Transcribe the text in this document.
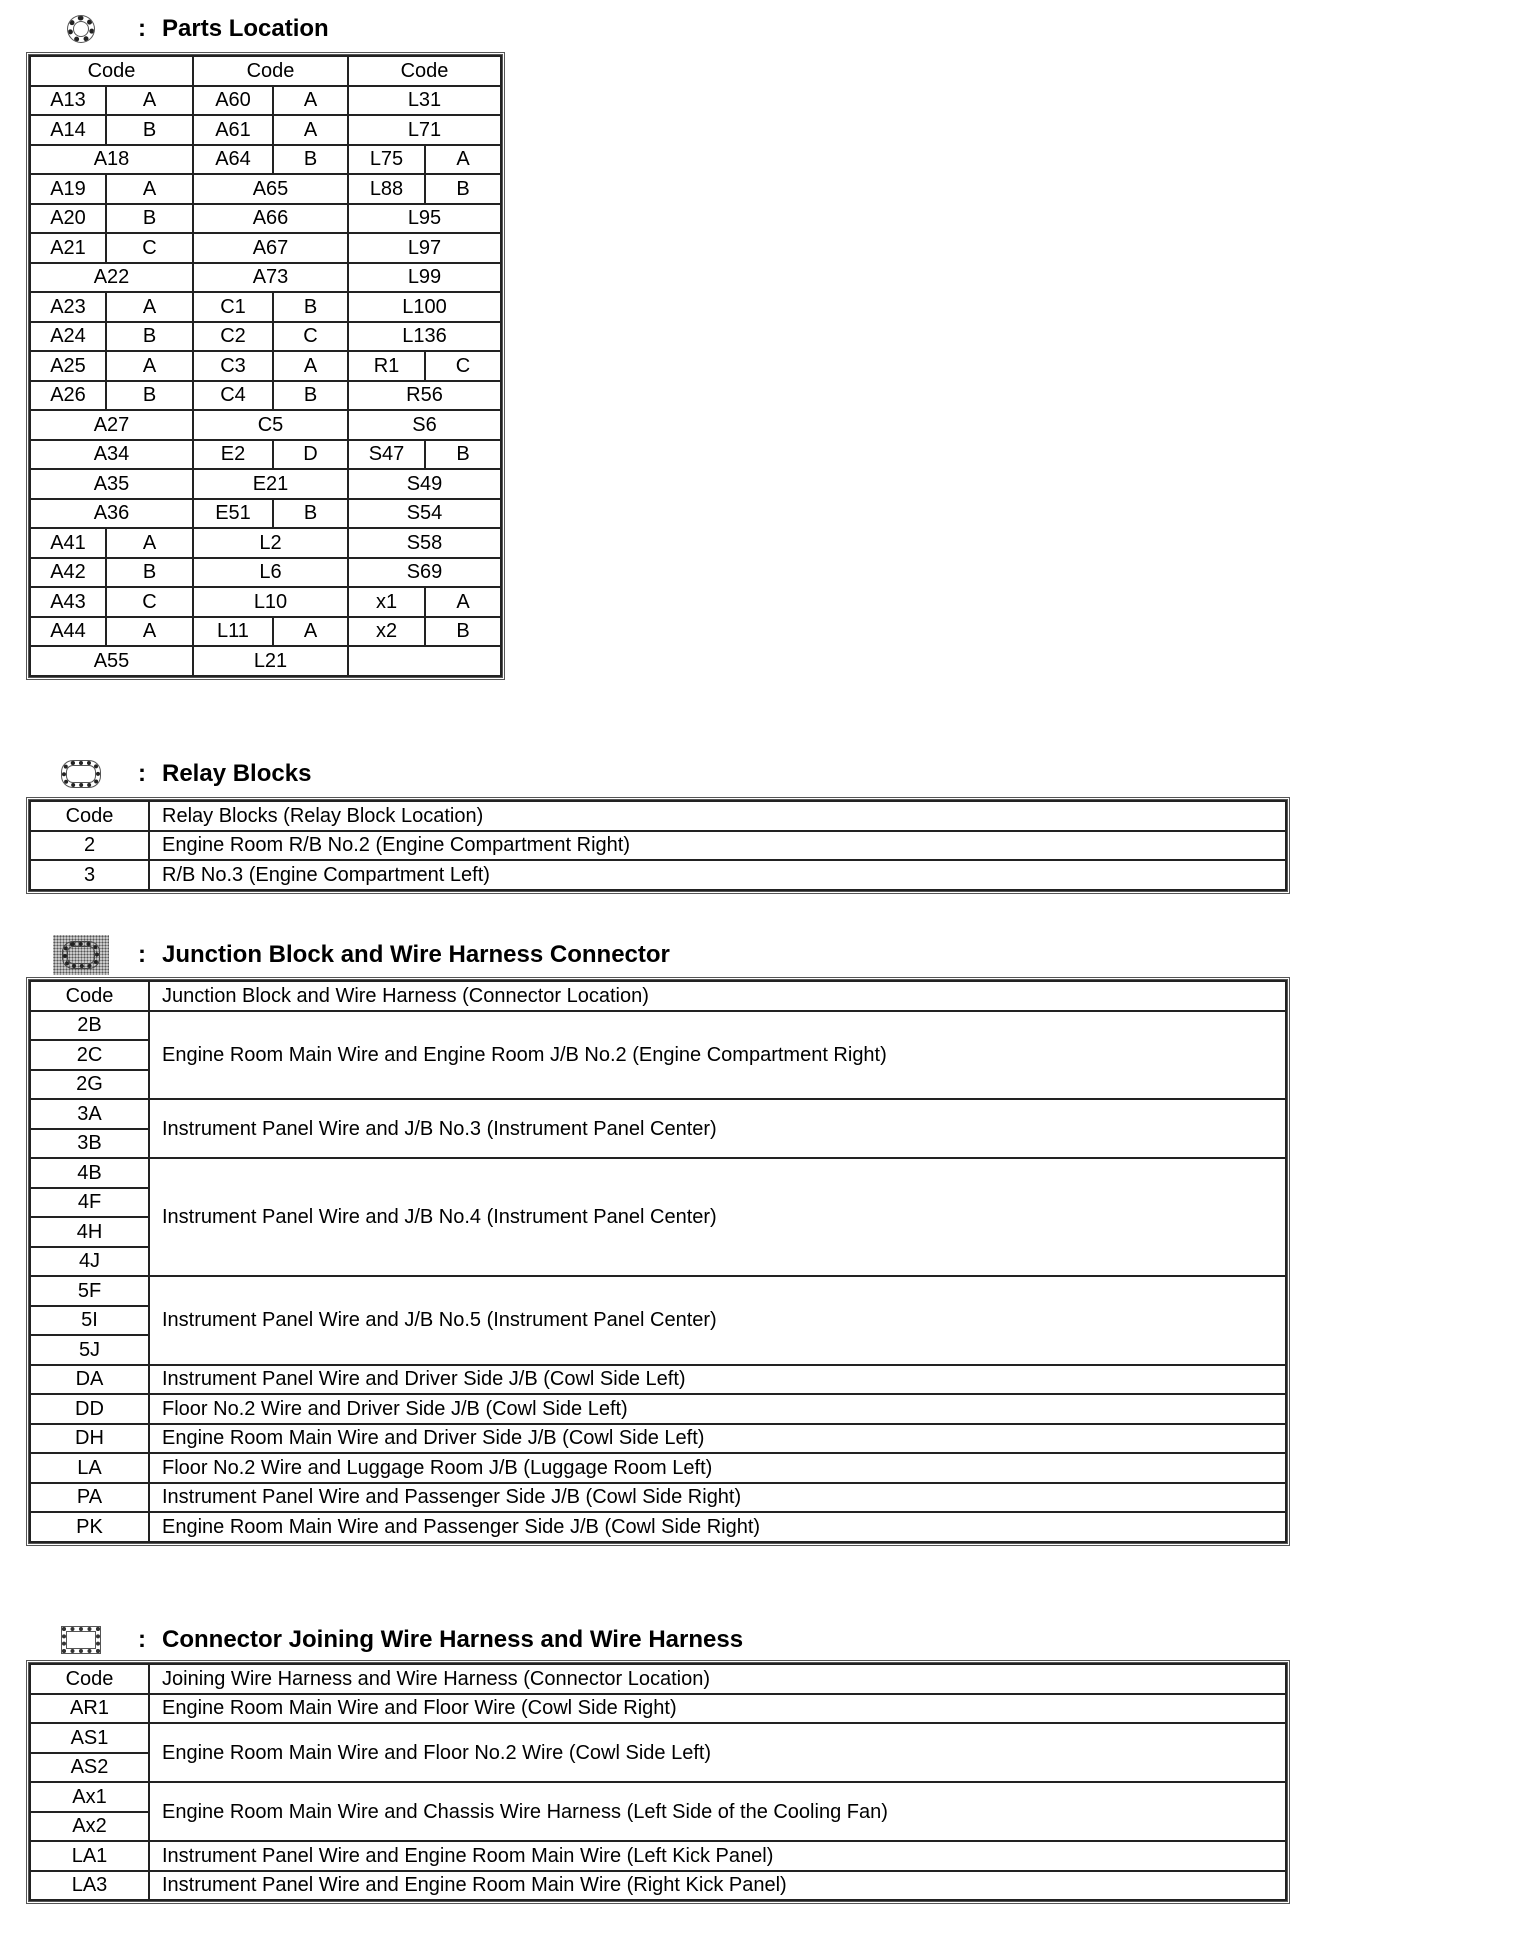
: Parts Location
Code		Code		Code	
A13	A	A60	A	L31	
A14	B	A61	A	L71	
A18		A64	B	L75	A
A19	A	A65		L88	B
A20	B	A66		L95	
A21	C	A67		L97	
A22		A73		L99	
A23	A	C1	B	L100	
A24	B	C2	C	L136	
A25	A	C3	A	R1	C
A26	B	C4	B	R56	
A27		C5		S6	
A34		E2	D	S47	B
A35		E21		S49	
A36		E51	B	S54	
A41	A	L2		S58	
A42	B	L6		S69	
A43	C	L10		x1	A
A44	A	L11	A	x2	B
A55		L21			
: Relay Blocks
Code	Relay Blocks (Relay Block Location)
2	Engine Room R/B No.2 (Engine Compartment Right)
3	R/B No.3 (Engine Compartment Left)
: Junction Block and Wire Harness Connector
Code	Junction Block and Wire Harness (Connector Location)
2B	Engine Room Main Wire and Engine Room J/B No.2 (Engine Compartment Right)
2C	
2G	
3A	Instrument Panel Wire and J/B No.3 (Instrument Panel Center)
3B	
4B	Instrument Panel Wire and J/B No.4 (Instrument Panel Center)
4F	
4H	
4J	
5F	Instrument Panel Wire and J/B No.5 (Instrument Panel Center)
5I	
5J	
DA	Instrument Panel Wire and Driver Side J/B (Cowl Side Left)
DD	Floor No.2 Wire and Driver Side J/B (Cowl Side Left)
DH	Engine Room Main Wire and Driver Side J/B (Cowl Side Left)
LA	Floor No.2 Wire and Luggage Room J/B (Luggage Room Left)
PA	Instrument Panel Wire and Passenger Side J/B (Cowl Side Right)
PK	Engine Room Main Wire and Passenger Side J/B (Cowl Side Right)
: Connector Joining Wire Harness and Wire Harness
Code	Joining Wire Harness and Wire Harness (Connector Location)
AR1	Engine Room Main Wire and Floor Wire (Cowl Side Right)
AS1	Engine Room Main Wire and Floor No.2 Wire (Cowl Side Left)
AS2	
Ax1	Engine Room Main Wire and Chassis Wire Harness (Left Side of the Cooling Fan)
Ax2	
LA1	Instrument Panel Wire and Engine Room Main Wire (Left Kick Panel)
LA3	Instrument Panel Wire and Engine Room Main Wire (Right Kick Panel)
